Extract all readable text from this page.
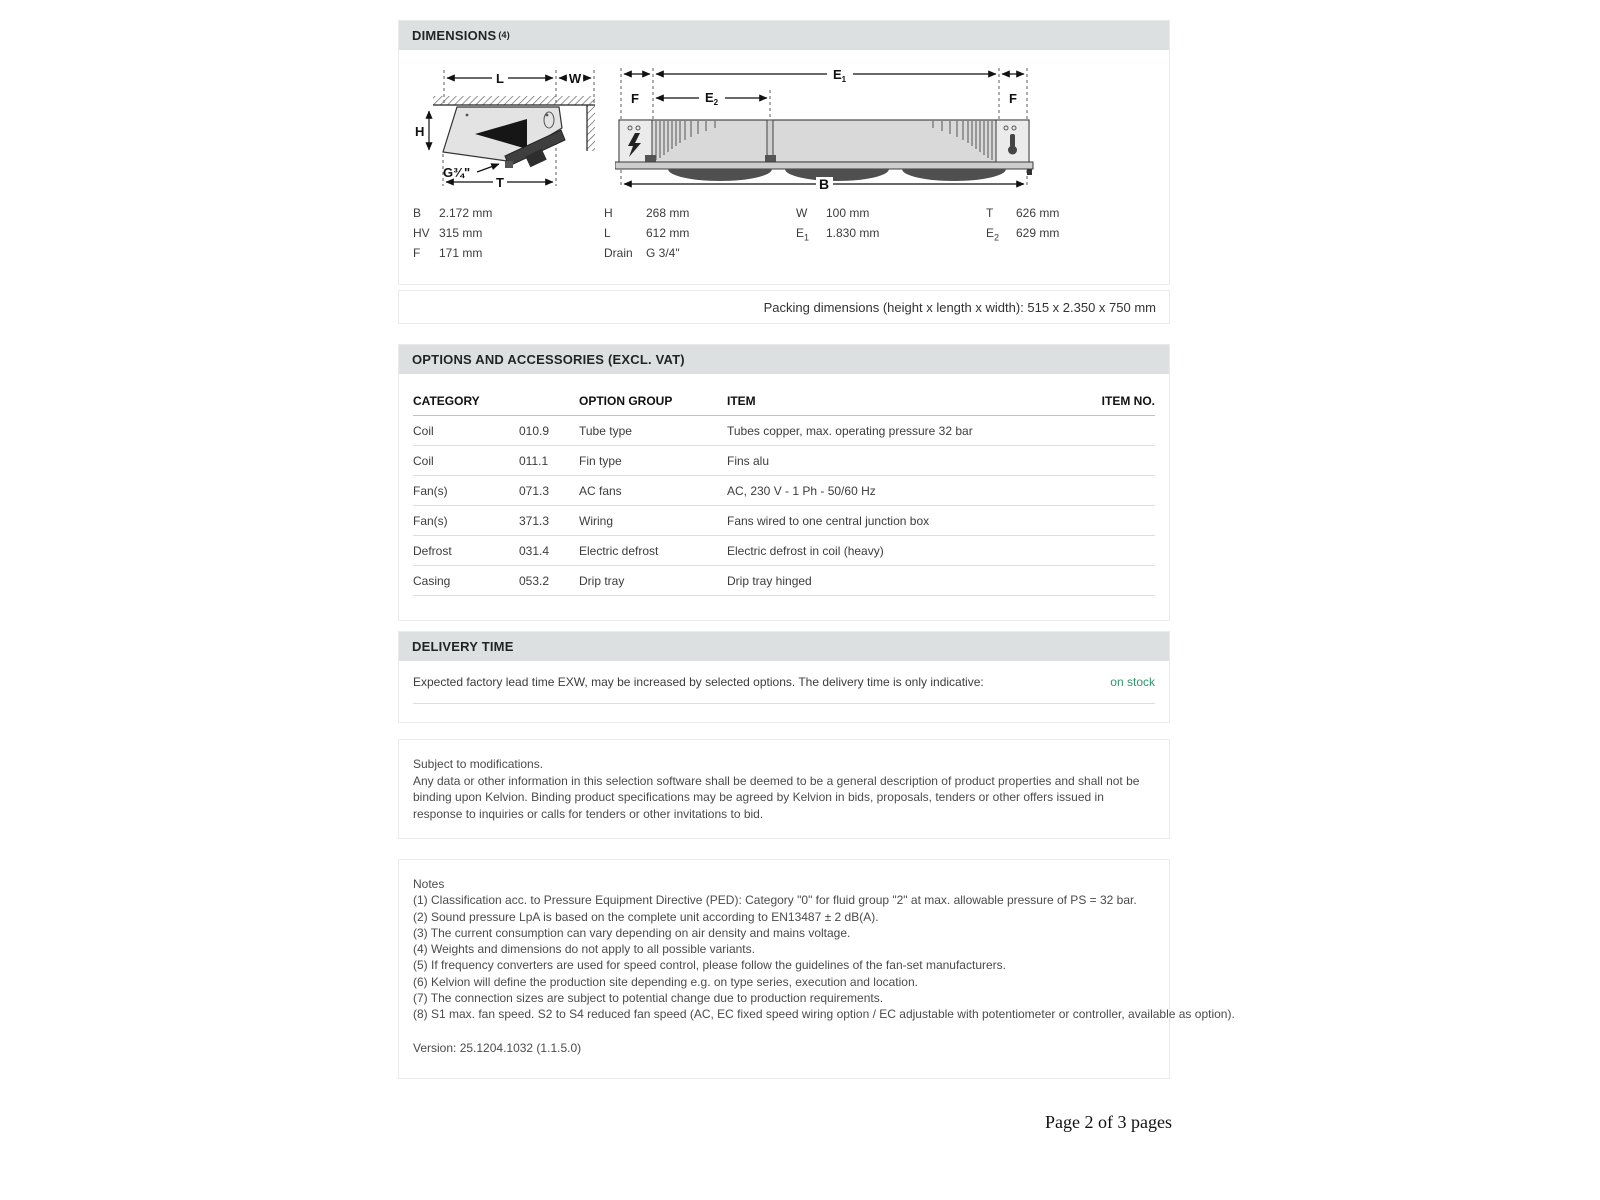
DIMENSIONS (4)
L	W
H
G¾"
T
$E_1$
F	F
$E_2$
B
B 2.172 mm	H	268 mm	W 100 mm	T 626 mm
HV 315 mm	L	612 mm	$E_1$ 1.830 mm	$E_2$ 629 mm
F 171 mm	Drain G 3/4"
Packing dimensions (height x length x width): 515 x 2.350 x 750 mm
OPTIONS AND ACCESSORIES (EXCL. VAT)
CATEGORY	OPTION GROUP	ITEM	ITEM NO.
Coil	010.9	Tube type	Tubes copper, max. operating pressure 32 bar
Coil	011.1	Fin type	Fins alu
Fan(s)	071.3	AC fans	AC, 230 V - 1 Ph - 50/60 Hz
Fan(s)	371.3	Wiring	Fans wired to one central junction box
Defrost	031.4	Electric defrost	Electric defrost in coil (heavy)
Casing	053.2	Drip tray	Drip tray hinged
DELIVERY TIME
Expected factory lead time EXW, may be increased by selected options. The delivery time is only indicative:	on stock

Subject to modifications.

Any data or other information in this selection software shall be deemed to be a general description of product properties and shall not be binding upon Kelvion. Binding product specifications may be agreed by Kelvion in bids, proposals, tenders or other offers issued in response to inquiries or calls for tenders or other invitations to bid.

Notes
(1) Classification acc. to Pressure Equipment Directive (PED): Category "0" for fluid group "2" at max. allowable pressure of PS = 32 bar.
(2) Sound pressure LpA is based on the complete unit according to EN13487 ± 2 dB(A).
(3) The current consumption can vary depending on air density and mains voltage.
(4) Weights and dimensions do not apply to all possible variants.
(5) If frequency converters are used for speed control, please follow the guidelines of the fan-set manufacturers.
(6) Kelvion will define the production site depending e.g. on type series, execution and location.
(7) The connection sizes are subject to potential change due to production requirements.
(8) S1 max. fan speed. S2 to S4 reduced fan speed (AC, EC fixed speed wiring option / EC adjustable with potentiometer or controller, available as option).
Version: 25.1204.1032 (1.1.5.0)
Page 2 of 3 pages
